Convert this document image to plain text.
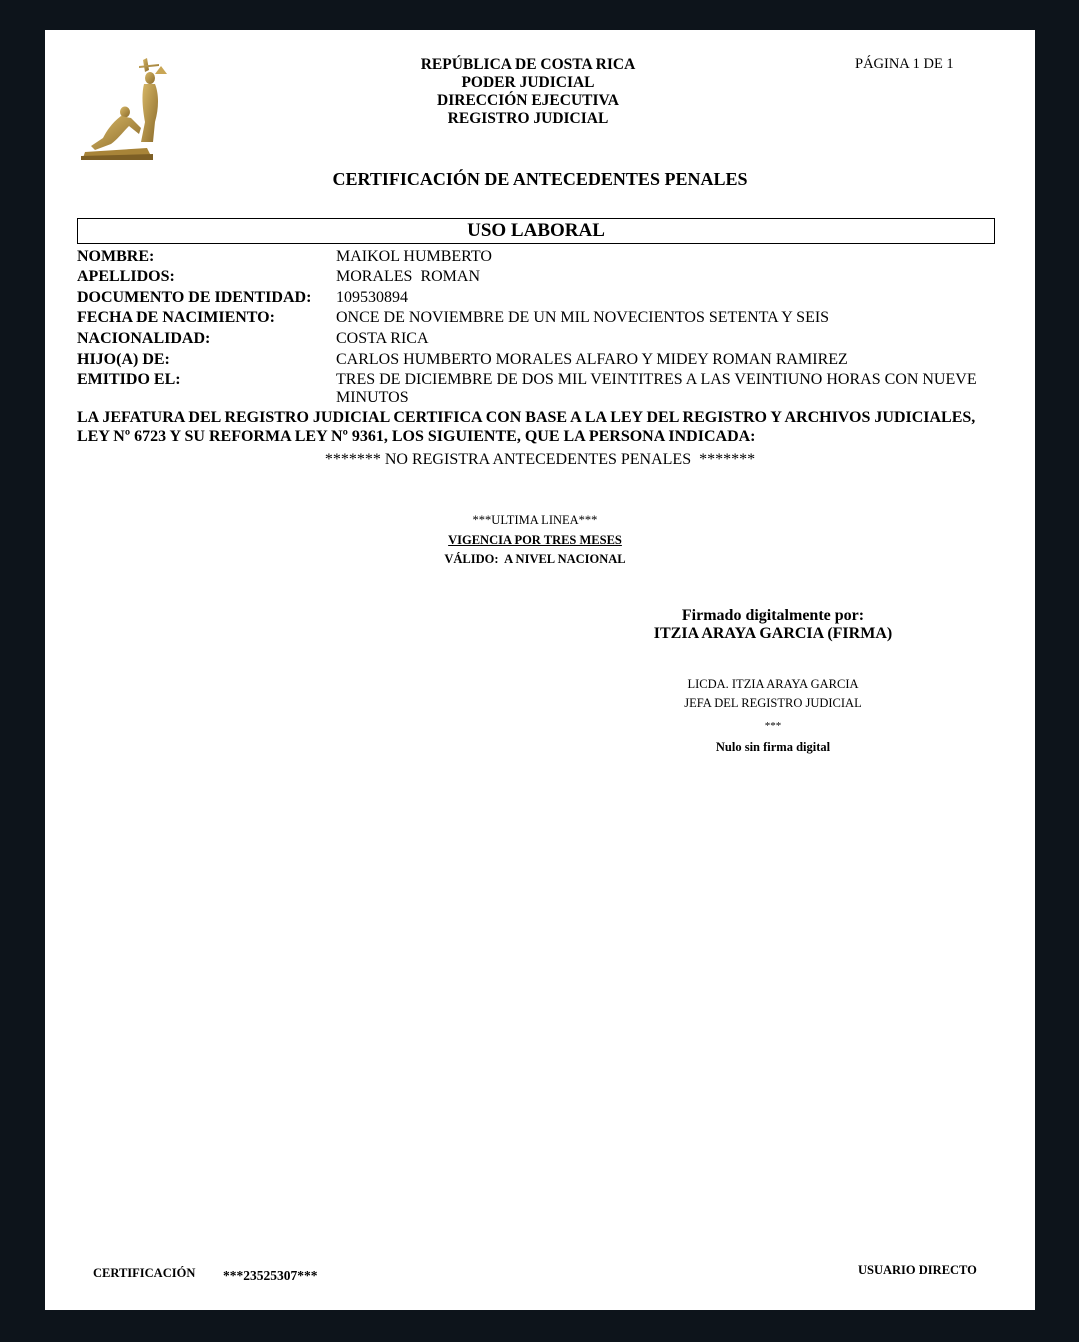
REPÚBLICA DE COSTA RICA
PODER JUDICIAL
DIRECCIÓN EJECUTIVA
REGISTRO JUDICIAL
PÁGINA 1 DE 1
CERTIFICACIÓN DE ANTECEDENTES PENALES
USO LABORAL
NOMBRE:	MAIKOL HUMBERTO
APELLIDOS:	MORALES  ROMAN
DOCUMENTO DE IDENTIDAD: 109530894
FECHA DE NACIMIENTO:	ONCE DE NOVIEMBRE DE UN MIL NOVECIENTOS SETENTA Y SEIS
NACIONALIDAD:	COSTA RICA
HIJO(A) DE:	CARLOS HUMBERTO MORALES ALFARO Y MIDEY ROMAN RAMIREZ
EMITIDO EL:	TRES DE DICIEMBRE DE DOS MIL VEINTITRES A LAS VEINTIUNO HORAS CON NUEVE MINUTOS
LA JEFATURA DEL REGISTRO JUDICIAL CERTIFICA CON BASE A LA LEY DEL REGISTRO Y ARCHIVOS JUDICIALES, LEY Nº 6723 Y SU REFORMA LEY Nº 9361, LOS SIGUIENTE, QUE LA PERSONA INDICADA:
******* NO REGISTRA ANTECEDENTES PENALES  *******
***ULTIMA LINEA***
VIGENCIA POR TRES MESES
VÁLIDO:  A NIVEL NACIONAL
Firmado digitalmente por:
ITZIA ARAYA GARCIA (FIRMA)
LICDA. ITZIA ARAYA GARCIA
JEFA DEL REGISTRO JUDICIAL
***
Nulo sin firma digital
CERTIFICACIÓN ***23525307***	USUARIO DIRECTO
